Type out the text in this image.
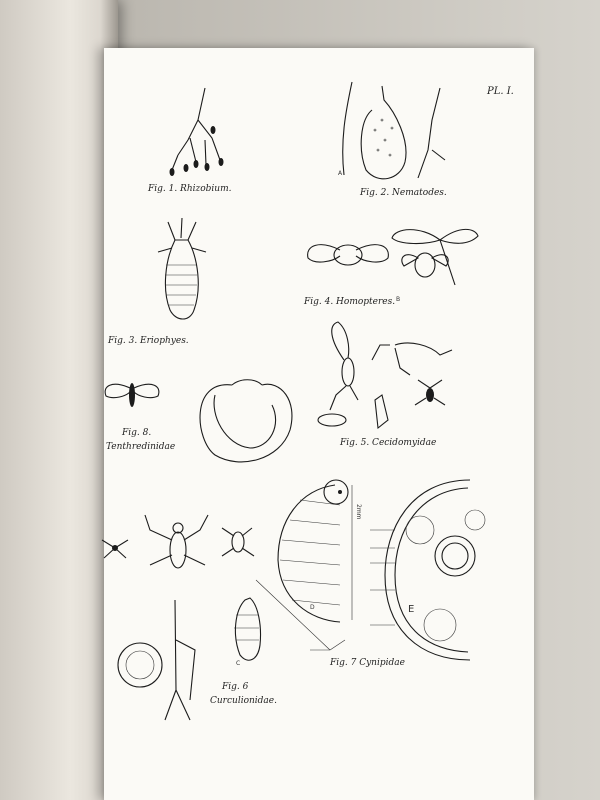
PL. I.
Fig. 1. Rhizobium.	Fig. 2. Nematodes.
Fig. 3. Eriophyes.
Fig. 4. Homopteres.
Fig. 5. Cecidomyidae
Fig. 6
Curculionidae.
Fig. 7 Cynipidae
Fig. 8.
Tenthredinidae
2mm
A
B
C
D	E
